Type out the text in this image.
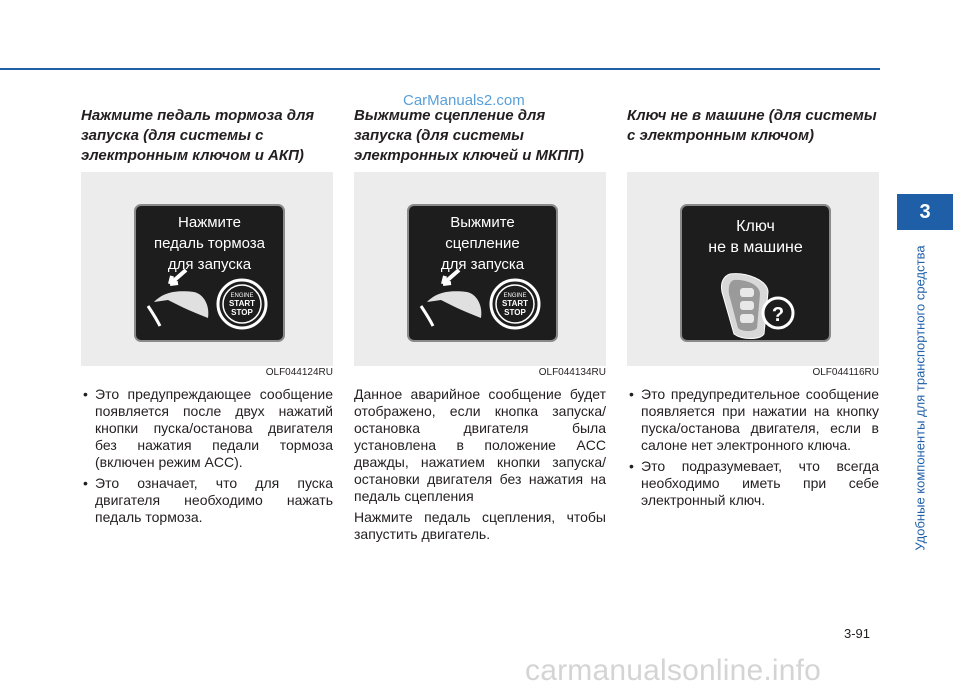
CarManuals2.com
Нажмите педаль тормоза для запуска (для системы с электронным ключом и АКП)
Нажмите
педаль тормоза
для запуска
ENGINE
START
STOP
OLF044124RU
• Это предупреждающее сообщение появляется после двух нажатий кнопки пуска/останова двигателя без нажатия педали тормоза (включен режим ACC).
• Это означает, что для пуска двигателя необходимо нажать педаль тормоза.
Выжмите сцепление для запуска (для системы электронных ключей и МКПП)
Выжмите
сцепление
для запуска
ENGINE
START
STOP
OLF044134RU

Данное аварийное сообщение будет отображено, если кнопка запуска/остановка двигателя была установлена в положение ACC дважды, нажатием кнопки запуска/остановки двигателя без нажатия на педаль сцепления

Нажмите педаль сцепления, чтобы запустить двигатель.

Ключ не в машине (для системы с электронным ключом)
Ключ
не в машине
?
OLF044116RU
• Это предупредительное сообщение появляется при нажатии на кнопку пуска/останова двигателя, если в салоне нет электронного ключа.
• Это подразумевает, что всегда необходимо иметь при себе электронный ключ.
3
Удобные компоненты для транспортного средства
3-91
carmanualsonline.info
